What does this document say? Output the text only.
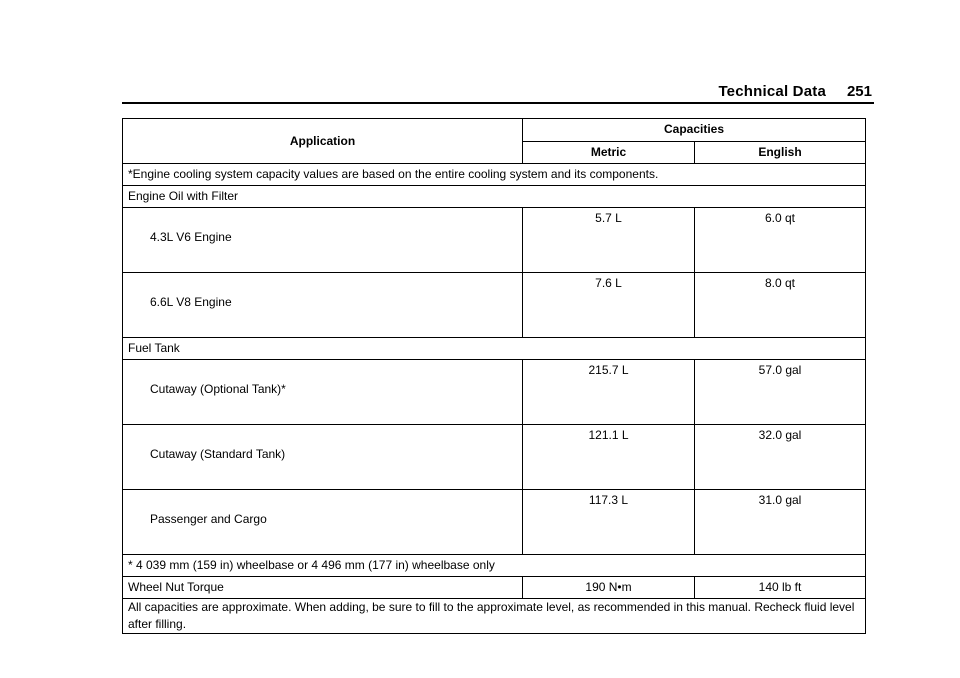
Technical Data 251
Application	Capacities	
	Metric	English
*Engine cooling system capacity values are based on the entire cooling system and its components.		
Engine Oil with Filter		
4.3L V6 Engine	5.7 L	6.0 qt
6.6L V8 Engine	7.6 L	8.0 qt
Fuel Tank		
Cutaway (Optional Tank)*	215.7 L	57.0 gal
Cutaway (Standard Tank)	121.1 L	32.0 gal
Passenger and Cargo	117.3 L	31.0 gal
* 4 039 mm (159 in) wheelbase or 4 496 mm (177 in) wheelbase only		
Wheel Nut Torque	190 N•m	140 lb ft
All capacities are approximate. When adding, be sure to fill to the approximate level, as recommended in this manual. Recheck fluid level after filling.		
